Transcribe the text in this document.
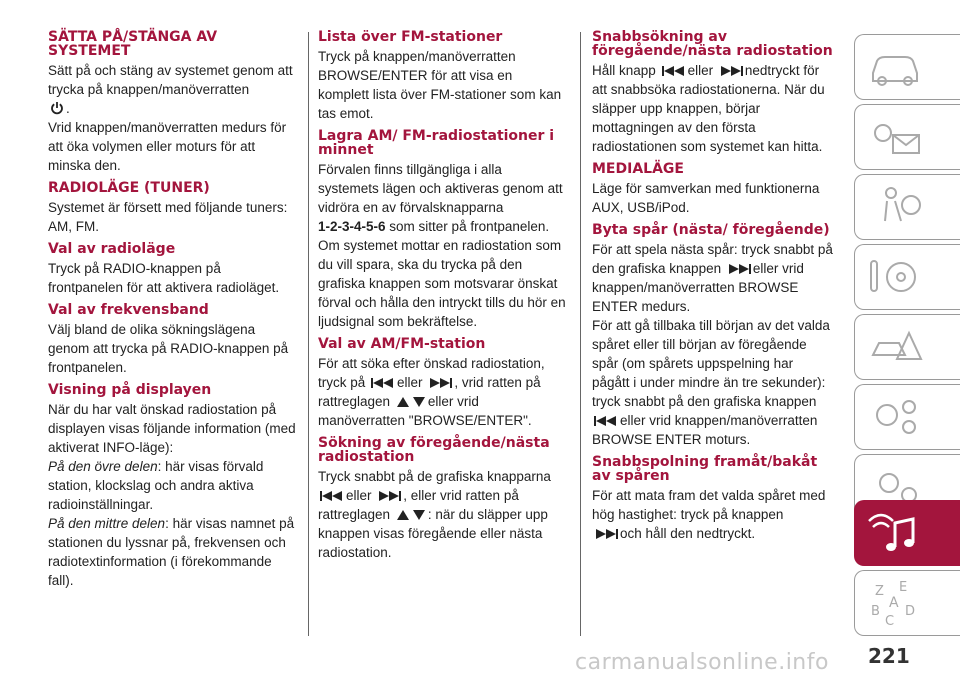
SÄTTA PÅ/STÄNGA AV SYSTEMET

Sätt på och stäng av systemet genom att trycka på knappen/manöverratten

.

Vrid knappen/manöverratten medurs för att öka volymen eller moturs för att minska den.

RADIOLÄGE (TUNER)

Systemet är försett med följande tuners: AM, FM.

Val av radioläge

Tryck på RADIO-knappen på frontpanelen för att aktivera radioläget.

Val av frekvensband

Välj bland de olika sökningslägena genom att trycka på RADIO-knappen på frontpanelen.

Visning på displayen

När du har valt önskad radiostation på displayen visas följande information (med aktiverat INFO-läge):

På den övre delen: här visas förvald station, klockslag och andra aktiva radioinställningar.

På den mittre delen: här visas namnet på stationen du lyssnar på, frekvensen och radiotextinformation (i förekommande fall).

Lista över FM-stationer

Tryck på knappen/manöverratten BROWSE/ENTER för att visa en komplett lista över FM-stationer som kan tas emot.

Lagra AM/ FM-radiostationer i minnet

Förvalen finns tillgängliga i alla systemets lägen och aktiveras genom att vidröra en av förvalsknapparna
1-2-3-4-5-6 som sitter på frontpanelen. Om systemet mottar en radiostation som du vill spara, ska du trycka på den grafiska knappen som motsvarar önskat förval och hålla den intryckt tills du hör en ljudsignal som bekräftelse.

Val av AM/FM-station

För att söka efter önskad radiostation, tryck på eller , vrid ratten på rattreglagen	eller vrid manöverratten "BROWSE/ENTER".

Sökning av föregående/nästa radiostation

Tryck snabbt på de grafiska knapparna

eller , eller vrid ratten på rattreglagen	: när du släpper upp knappen visas föregående eller nästa radiostation.

Snabbsökning av föregående/nästa radiostation

Håll knapp eller nedtryckt för att snabbsöka radiostationerna. När du släpper upp knappen, börjar mottagningen av den första radiostationen som systemet kan hitta.

MEDIALÄGE

Läge för samverkan med funktionerna AUX, USB/iPod.

Byta spår (nästa/ föregående)

För att spela nästa spår: tryck snabbt på den grafiska knappen eller vrid knappen/manöverratten BROWSE ENTER medurs.

För att gå tillbaka till början av det valda spåret eller till början av föregående spår (om spårets uppspelning har pågått i under mindre än tre sekunder): tryck snabbt på den grafiska knappen

eller vrid knappen/manöverratten BROWSE ENTER moturs.

Snabbspolning framåt/bakåt av spåren

För att mata fram det valda spåret med hög hastighet: tryck på knappen

och håll den nedtryckt.

Z E
A
B D
C
carmanualsonline.info 221
